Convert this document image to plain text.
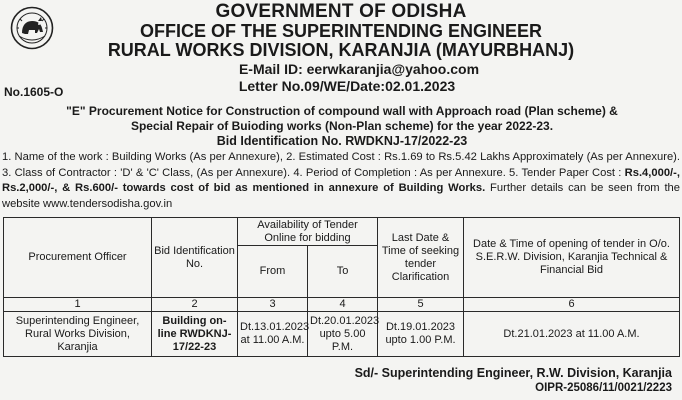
GOVERNMENT OF ODISHA
OFFICE OF THE SUPERINTENDING ENGINEER
RURAL WORKS DIVISION, KARANJIA (MAYURBHANJ)
E-Mail ID: eerwkaranjia@yahoo.com
Letter No.09/WE/Date:02.01.2023
No.1605-O
"E" Procurement Notice for Construction of compound wall with Approach road (Plan scheme) &
Special Repair of Buioding works (Non-Plan scheme) for the year 2022-23.
Bid Identification No. RWDKNJ-17/2022-23
1. Name of the work : Building Works (As per Annexure), 2. Estimated Cost : Rs.1.69 to Rs.5.42 Lakhs Approximately (As per Annexure). 3. Class of Contractor : 'D' & 'C' Class, (As per Annexure). 4. Period of Completion : As per Annexure. 5. Tender Paper Cost : Rs.4,000/-, Rs.2,000/-, & Rs.600/- towards cost of bid as mentioned in annexure of Building Works. Further details can be seen from the website www.tendersodisha.gov.in
Procurement Officer	Bid Identification No.	Availability of Tender Online for bidding		Last Date & Time of seeking tender Clarification	Date & Time of opening of tender in O/o. S.E.R.W. Division, Karanjia Technical & Financial Bid
		From	To		
1	2	3	4	5	6
Superintending Engineer, Rural Works Division, Karanjia	Building on-line RWDKNJ-17/22-23	Dt.13.01.2023 at 11.00 A.M.	Dt.20.01.2023 upto 5.00 P.M.	Dt.19.01.2023 upto 1.00 P.M.	Dt.21.01.2023 at 11.00 A.M.
Sd/- Superintending Engineer, R.W. Division, Karanjia
OIPR-25086/11/0021/2223
